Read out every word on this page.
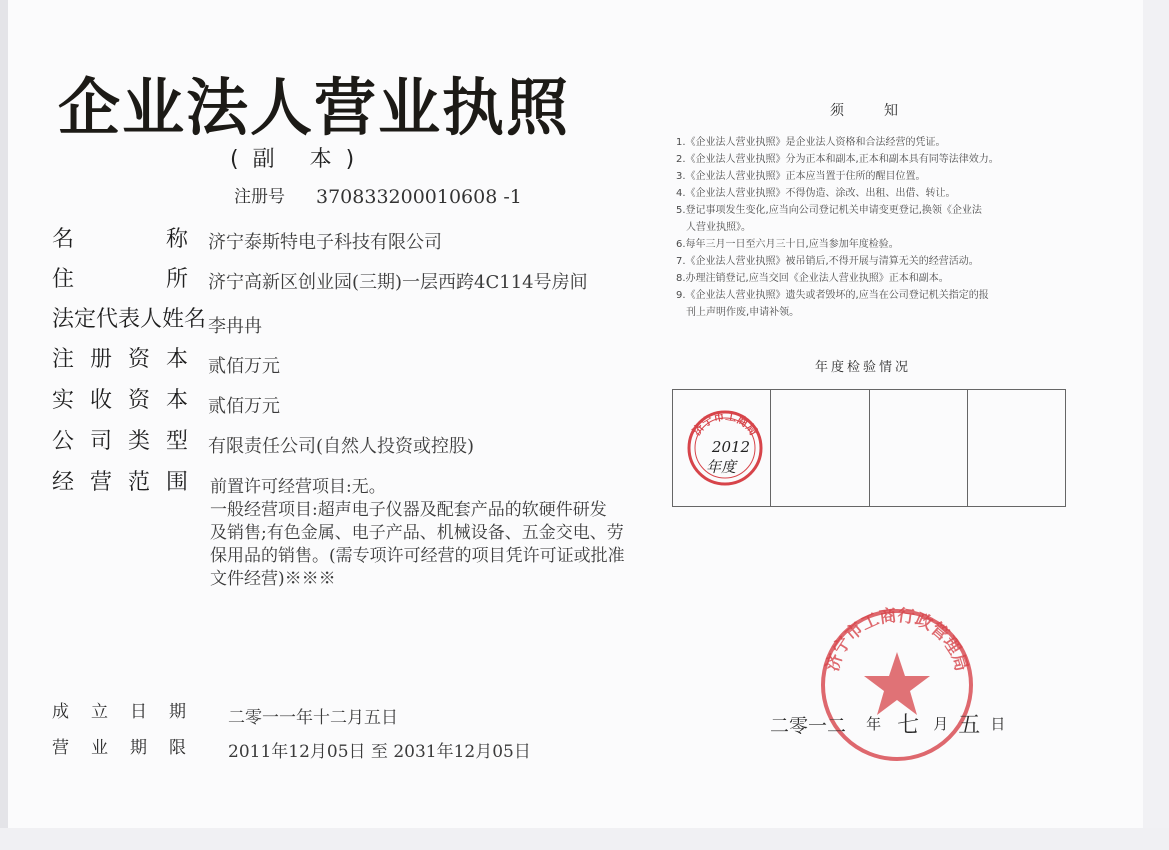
企业法人营业执照
(副 本)
注册号 370833200010608 -1
名称 济宁泰斯特电子科技有限公司
住所 济宁高新区创业园(三期)一层西跨4C114号房间
法定代表人姓名 李冉冉
注册资本 贰佰万元
实收资本 贰佰万元
公司类型 有限责任公司(自然人投资或控股)
经营范围 前置许可经营项目:无。
一般经营项目:超声电子仪器及配套产品的软硬件研发
及销售;有色金属、电子产品、机械设备、五金交电、劳
保用品的销售。(需专项许可经营的项目凭许可证或批准
文件经营)※※※
成立日期 二零一一年十二月五日
营业期限 2011年12月05日 至 2031年12月05日
须知
1.《企业法人营业执照》是企业法人资格和合法经营的凭证。
2.《企业法人营业执照》分为正本和副本,正本和副本具有同等法律效力。
3.《企业法人营业执照》正本应当置于住所的醒目位置。
4.《企业法人营业执照》不得伪造、涂改、出租、出借、转让。
5.登记事项发生变化,应当向公司登记机关申请变更登记,换领《企业法
人营业执照》。
6.每年三月一日至六月三十日,应当参加年度检验。
7.《企业法人营业执照》被吊销后,不得开展与清算无关的经营活动。
8.办理注销登记,应当交回《企业法人营业执照》正本和副本。
9.《企业法人营业执照》遗失或者毁坏的,应当在公司登记机关指定的报
刊上声明作废,申请补领。
年度检验情况
济宁市工商局
2012
年度
济宁市工商行政管理局
二零一二 年 七 月 五 日
